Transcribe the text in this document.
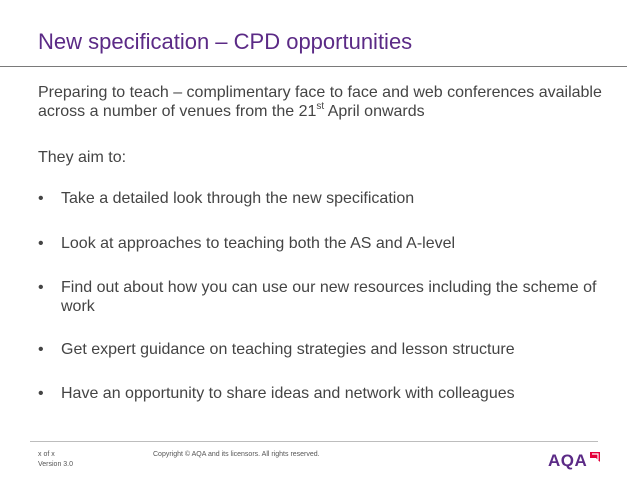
New specification – CPD opportunities
Preparing to teach – complimentary face to face and web conferences available across a number of venues from the 21st April onwards
They aim to:
•	Take a detailed look through the new specification
•	Look at approaches to teaching both the AS and A-level
•	Find out about how you can use our new resources including the scheme of work
•	Get expert guidance on teaching strategies and lesson structure
•	Have an opportunity to share ideas and network with colleagues
x of x
Version 3.0
Copyright © AQA and its licensors. All rights reserved.	AQA
